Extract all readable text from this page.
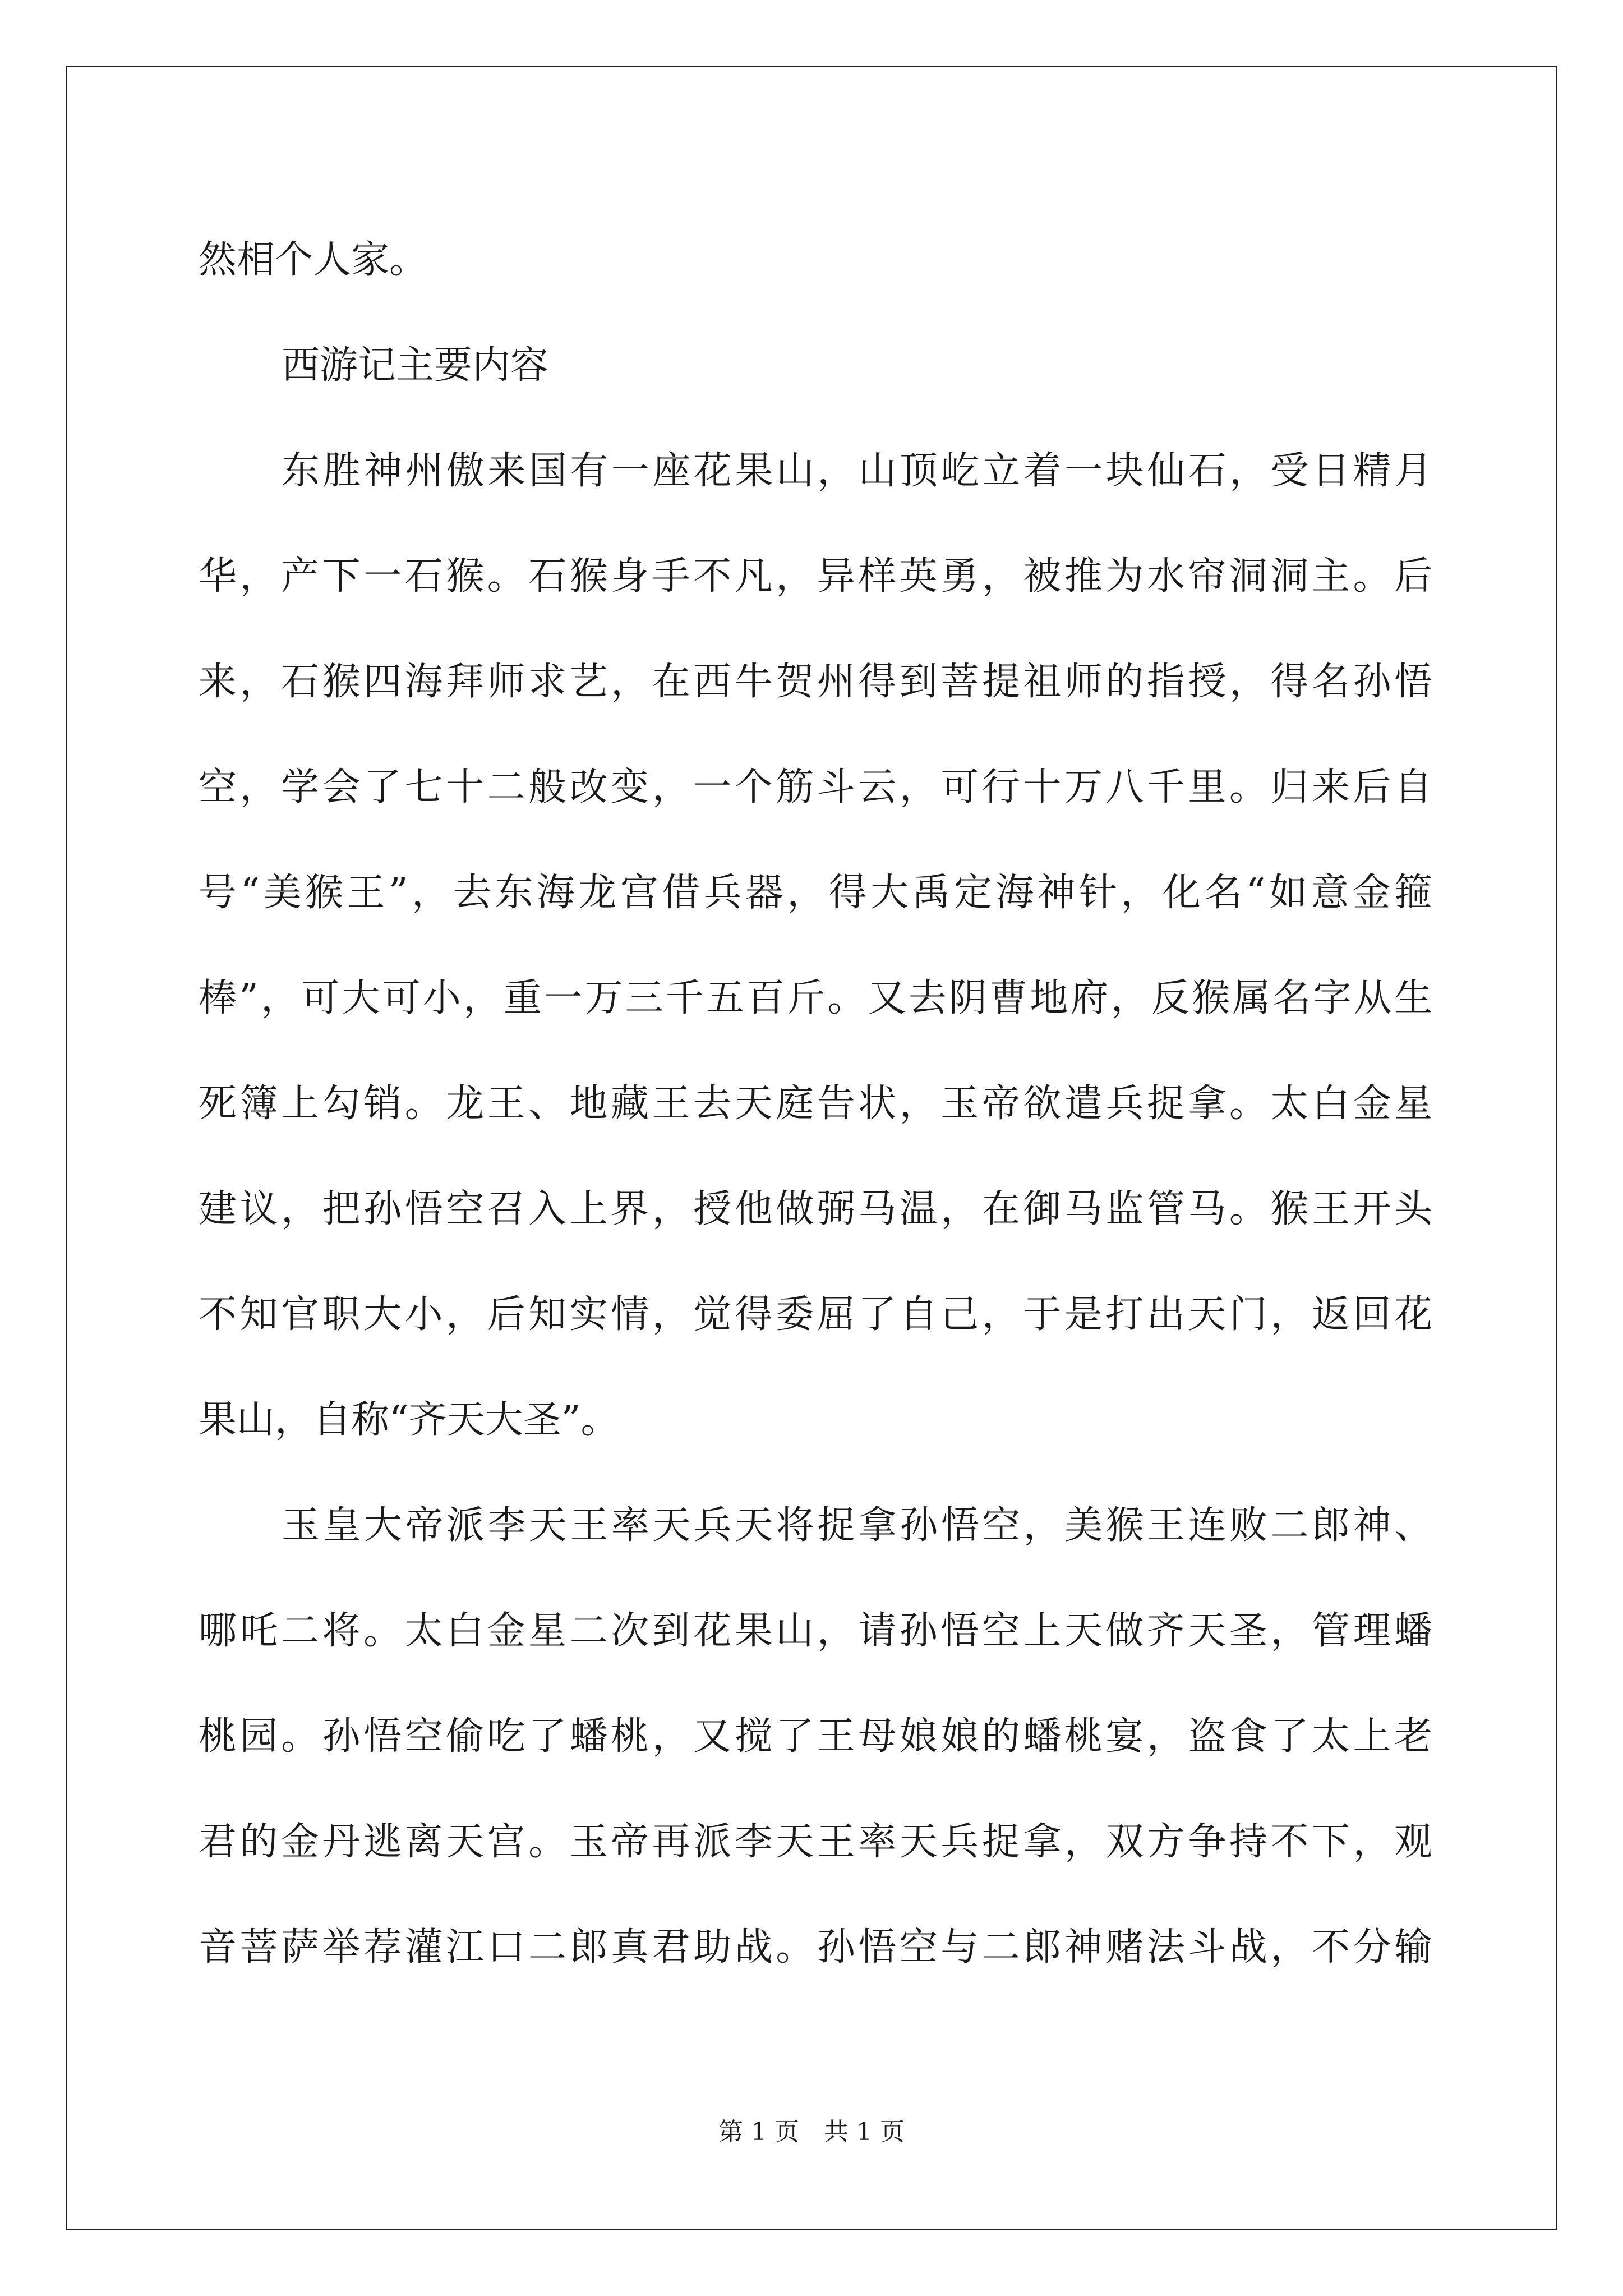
然相个人家。
西游记主要内容
东胜神州傲来国有一座花果山，山顶屹立着一块仙石，受日精月
华，产下一石猴。石猴身手不凡，异样英勇，被推为水帘洞洞主。后
来，石猴四海拜师求艺，在西牛贺州得到菩提祖师的指授，得名孙悟
空，学会了七十二般改变，一个筋斗云，可行十万八千里。归来后自
号“美猴王”，去东海龙宫借兵器，得大禹定海神针，化名“如意金箍
棒”，可大可小，重一万三千五百斤。又去阴曹地府，反猴属名字从生
死簿上勾销。龙王、地藏王去天庭告状，玉帝欲遣兵捉拿。太白金星
建议，把孙悟空召入上界，授他做弼马温，在御马监管马。猴王开头
不知官职大小，后知实情，觉得委屈了自己，于是打出天门，返回花
果山，自称“齐天大圣”。
玉皇大帝派李天王率天兵天将捉拿孙悟空，美猴王连败二郎神、
哪吒二将。太白金星二次到花果山，请孙悟空上天做齐天圣，管理蟠
桃园。孙悟空偷吃了蟠桃，又搅了王母娘娘的蟠桃宴，盗食了太上老
君的金丹逃离天宫。玉帝再派李天王率天兵捉拿，双方争持不下，观
音菩萨举荐灌江口二郎真君助战。孙悟空与二郎神赌法斗战，不分输
第 1 页　共 1 页
